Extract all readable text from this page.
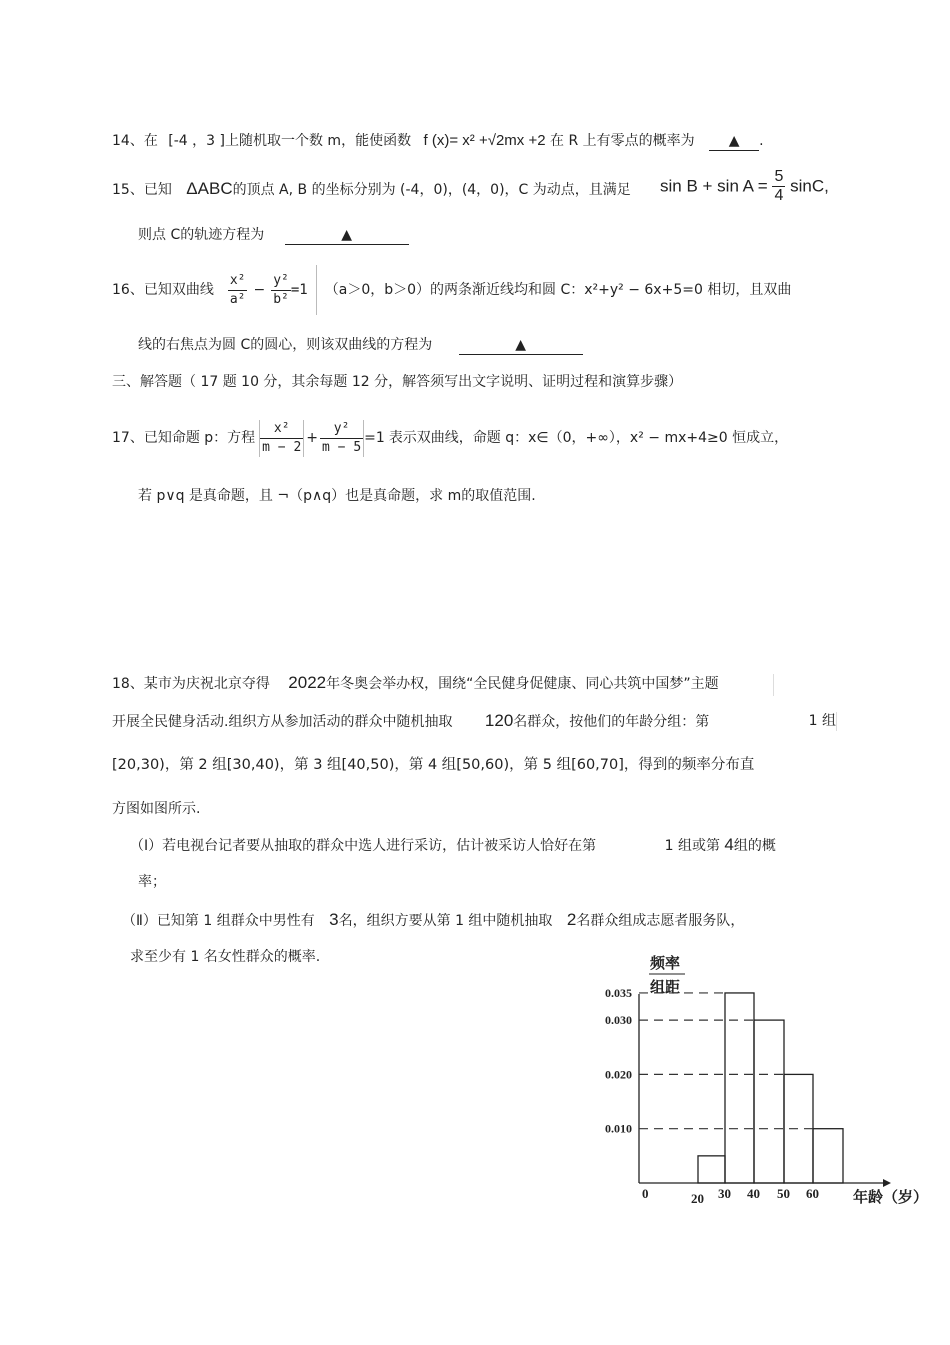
14、在 [-4 ，3 ]上随机取一个数 m，能使函数 f (x)= x² +√2mx +2 在 R 上有零点的概率为 ▲ .
15、已知 ΔABC的顶点 A, B 的坐标分别为 (-4，0)，(4，0)，C 为动点，且满足 $\sin B + \sin A = \frac{5}{4} \sin C$,
则点 C的轨迹方程为	▲
16、已知双曲线 $\frac{\text{x²}}{\text{a²}} - \frac{\text{y²}}{\text{b²}} =1$ （a＞0，b＞0）的两条渐近线均和圆 C：x²+y² − 6x+5=0 相切，且双曲
线的右焦点为圆 C的圆心，则该双曲线的方程为	▲
三、解答题（ 17 题 10 分，其余每题 12 分，解答须写出文字说明、证明过程和演算步骤）
17、已知命题 p：方程 $\frac{\text{x²}}{m - 2} + \frac{\text{y²}}{m - 5} =1$ 表示双曲线，命题 q：x∈（0，+∞），x² − mx+4≥0 恒成立，
若 p∨q 是真命题，且 ¬（p∧q）也是真命题，求 m的取值范围.
18、某市为庆祝北京夺得 2022年冬奥会举办权，围绕“全民健身促健康、同心共筑中国梦”主题
开展全民健身活动.组织方从参加活动的群众中随机抽取 120名群众，按他们的年龄分组：第	1 组
[20,30)，第 2 组[30,40)，第 3 组[40,50)，第 4 组[50,60)，第 5 组[60,70]，得到的频率分布直
方图如图所示.
（Ⅰ）若电视台记者要从抽取的群众中选人进行采访，估计被采访人恰好在第	1 组或第 4组的概
率；
（Ⅱ）已知第 1 组群众中男性有 3名，组织方要从第 1 组中随机抽取 2名群众组成志愿者服务队，
求至少有 1 名女性群众的概率.	频率
组距
年龄（岁）
0.035
0.030
0.020
0.010
0	20 30 40 50 60
